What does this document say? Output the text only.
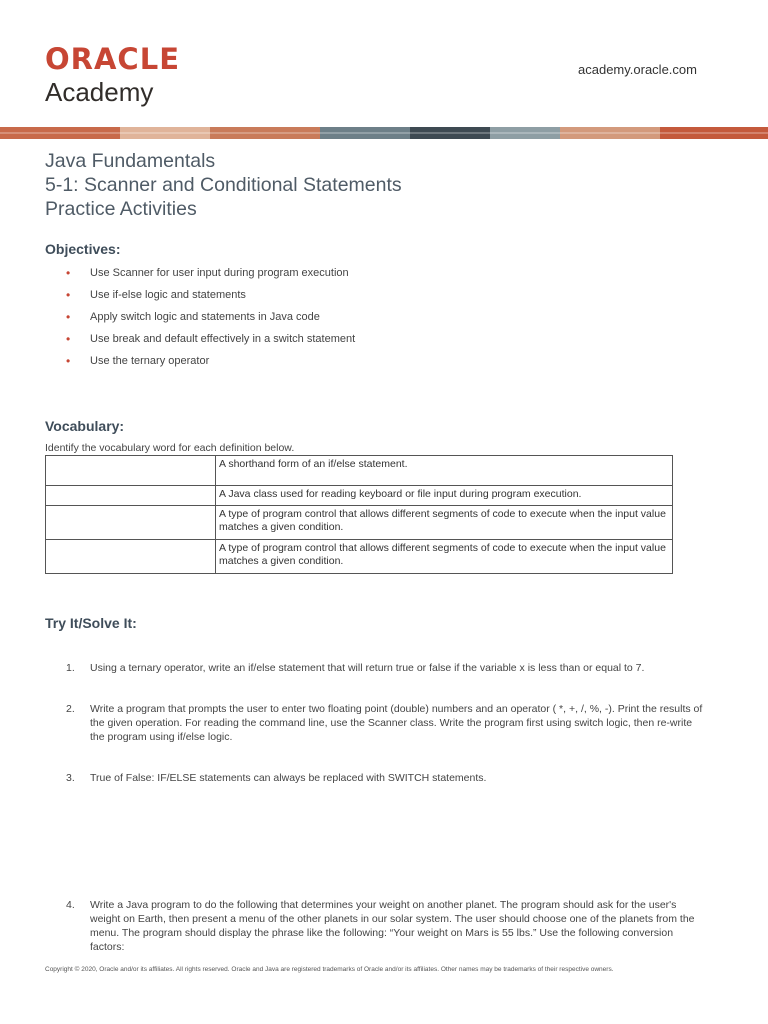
ORACLE
Academy
academy.oracle.com
Java Fundamentals
5-1: Scanner and Conditional Statements
Practice Activities
Objectives:
• Use Scanner for user input during program execution
• Use if-else logic and statements
• Apply switch logic and statements in Java code
• Use break and default effectively in a switch statement
• Use the ternary operator
Vocabulary:
Identify the vocabulary word for each definition below.
	A shorthand form of an if/else statement.
	A Java class used for reading keyboard or file input during program execution.
	A type of program control that allows different segments of code to execute when the input value matches a given condition.
	A type of program control that allows different segments of code to execute when the input value matches a given condition.
Try It/Solve It:
1. Using a ternary operator, write an if/else statement that will return true or false if the variable x is less than or equal to 7.
2. Write a program that prompts the user to enter two floating point (double) numbers and an operator ( *, +, /, %, -). Print the results of the given operation. For reading the command line, use the Scanner class. Write the program first using switch logic, then re-write the program using if/else logic.
3. True of False: IF/ELSE statements can always be replaced with SWITCH statements.
4. Write a Java program to do the following that determines your weight on another planet. The program should ask for the user's weight on Earth, then present a menu of the other planets in our solar system. The user should choose one of the planets from the menu. The program should display the phrase like the following: “Your weight on Mars is 55 lbs.” Use the following conversion factors:
Copyright © 2020, Oracle and/or its affiliates. All rights reserved. Oracle and Java are registered trademarks of Oracle and/or its affiliates. Other names may be trademarks of their respective owners.
